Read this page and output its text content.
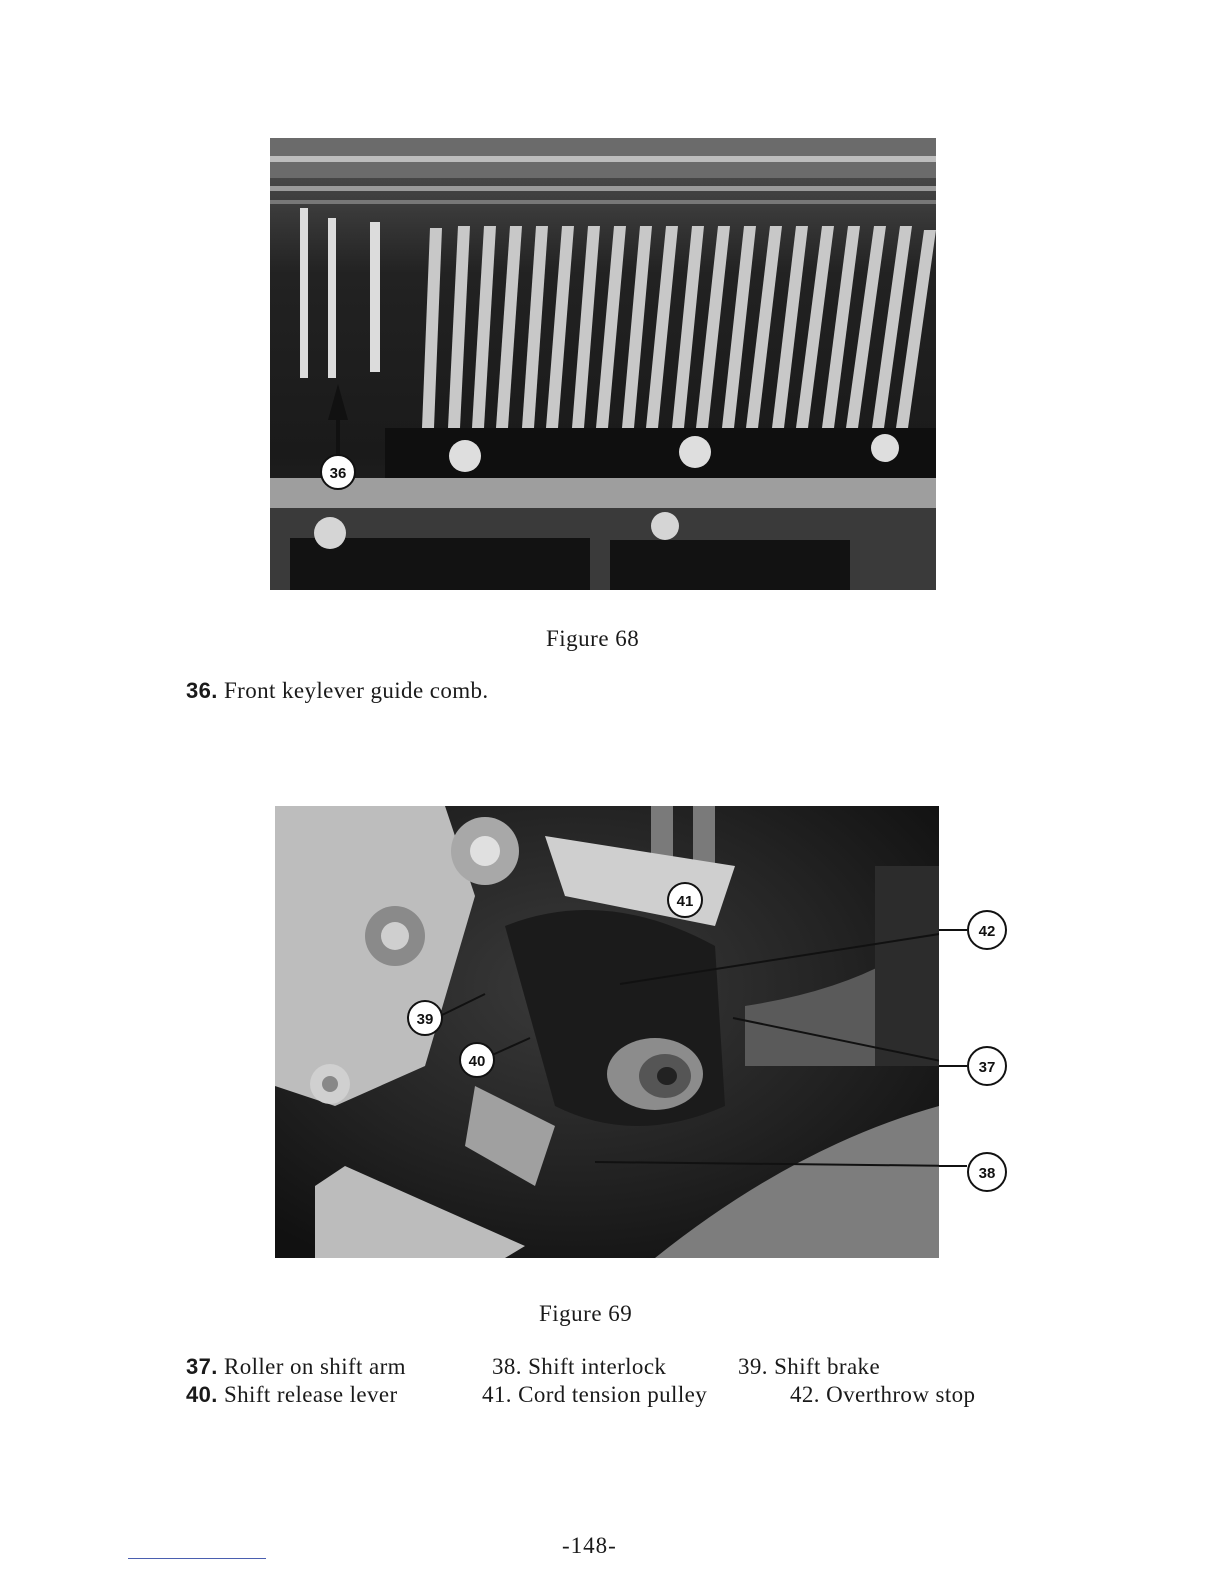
36
Figure 68
36. Front keylever guide comb.
41
39
40
42
37
38
Figure 69
37. Roller on shift arm	38. Shift interlock	39. Shift brake
40. Shift release lever	41. Cord tension pulley	42. Overthrow stop
-148-
